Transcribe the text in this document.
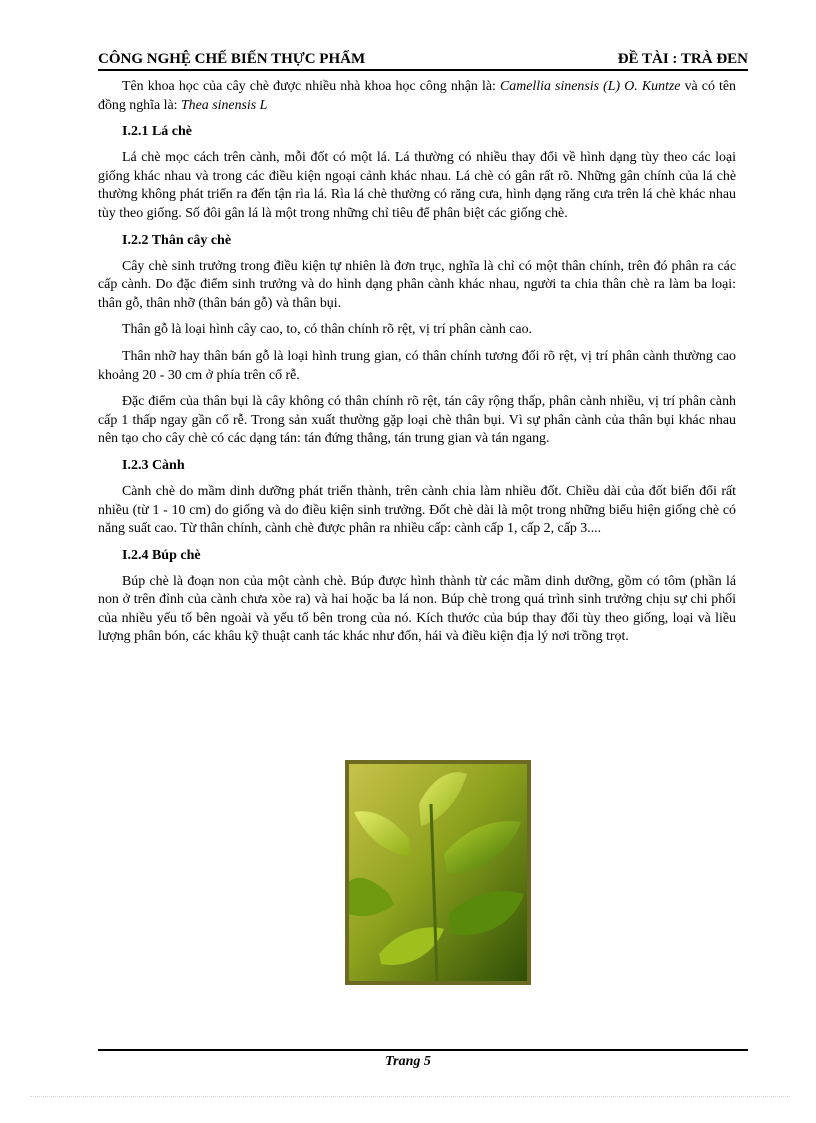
CÔNG NGHỆ CHẾ BIẾN THỰC PHẨM	ĐỀ TÀI : TRÀ ĐEN

Tên khoa học của cây chè được nhiều nhà khoa học công nhận là: Camellia sinensis (L) O. Kuntze và có tên đồng nghĩa là: Thea sinensis L

I.2.1 Lá chè

Lá chè mọc cách trên cành, mỗi đốt có một lá. Lá thường có nhiều thay đổi về hình dạng tùy theo các loại giống khác nhau và trong các điều kiện ngoại cảnh khác nhau. Lá chè có gân rất rõ. Những gân chính của lá chè thường không phát triển ra đến tận rìa lá. Rìa lá chè thường có răng cưa, hình dạng răng cưa trên lá chè khác nhau tùy theo giống. Số đôi gân lá là một trong những chỉ tiêu để phân biệt các giống chè.

I.2.2 Thân cây chè

Cây chè sinh trưởng trong điều kiện tự nhiên là đơn trục, nghĩa là chỉ có một thân chính, trên đó phân ra các cấp cành. Do đặc điểm sinh trưởng và do hình dạng phân cành khác nhau, người ta chia thân chè ra làm ba loại: thân gỗ, thân nhỡ (thân bán gỗ) và thân bụi.

Thân gỗ là loại hình cây cao, to, có thân chính rõ rệt, vị trí phân cành cao.

Thân nhỡ hay thân bán gỗ là loại hình trung gian, có thân chính tương đối rõ rệt, vị trí phân cành thường cao khoảng 20 - 30 cm ở phía trên cổ rễ.

Đặc điểm của thân bụi là cây không có thân chính rõ rệt, tán cây rộng thấp, phân cành nhiều, vị trí phân cành cấp 1 thấp ngay gần cổ rễ. Trong sản xuất thường gặp loại chè thân bụi. Vì sự phân cành của thân bụi khác nhau nên tạo cho cây chè có các dạng tán: tán đứng thẳng, tán trung gian và tán ngang.

I.2.3 Cành

Cành chè do mầm dinh dưỡng phát triển thành, trên cành chia làm nhiều đốt. Chiều dài của đốt biến đổi rất nhiều (từ 1 - 10 cm) do giống và do điều kiện sinh trưởng. Đốt chè dài là một trong những biểu hiện giống chè có năng suất cao. Từ thân chính, cành chè được phân ra nhiều cấp: cành cấp 1, cấp 2, cấp 3....

I.2.4 Búp chè

Búp chè là đoạn non của một cành chè. Búp được hình thành từ các mầm dinh dưỡng, gồm có tôm (phần lá non ở trên đỉnh của cành chưa xòe ra) và hai hoặc ba lá non. Búp chè trong quá trình sinh trưởng chịu sự chi phối của nhiều yếu tố bên ngoài và yếu tố bên trong của nó. Kích thước của búp thay đổi tùy theo giống, loại và liều lượng phân bón, các khâu kỹ thuật canh tác khác như đốn, hái và điều kiện địa lý nơi trồng trọt.

Trang 5
